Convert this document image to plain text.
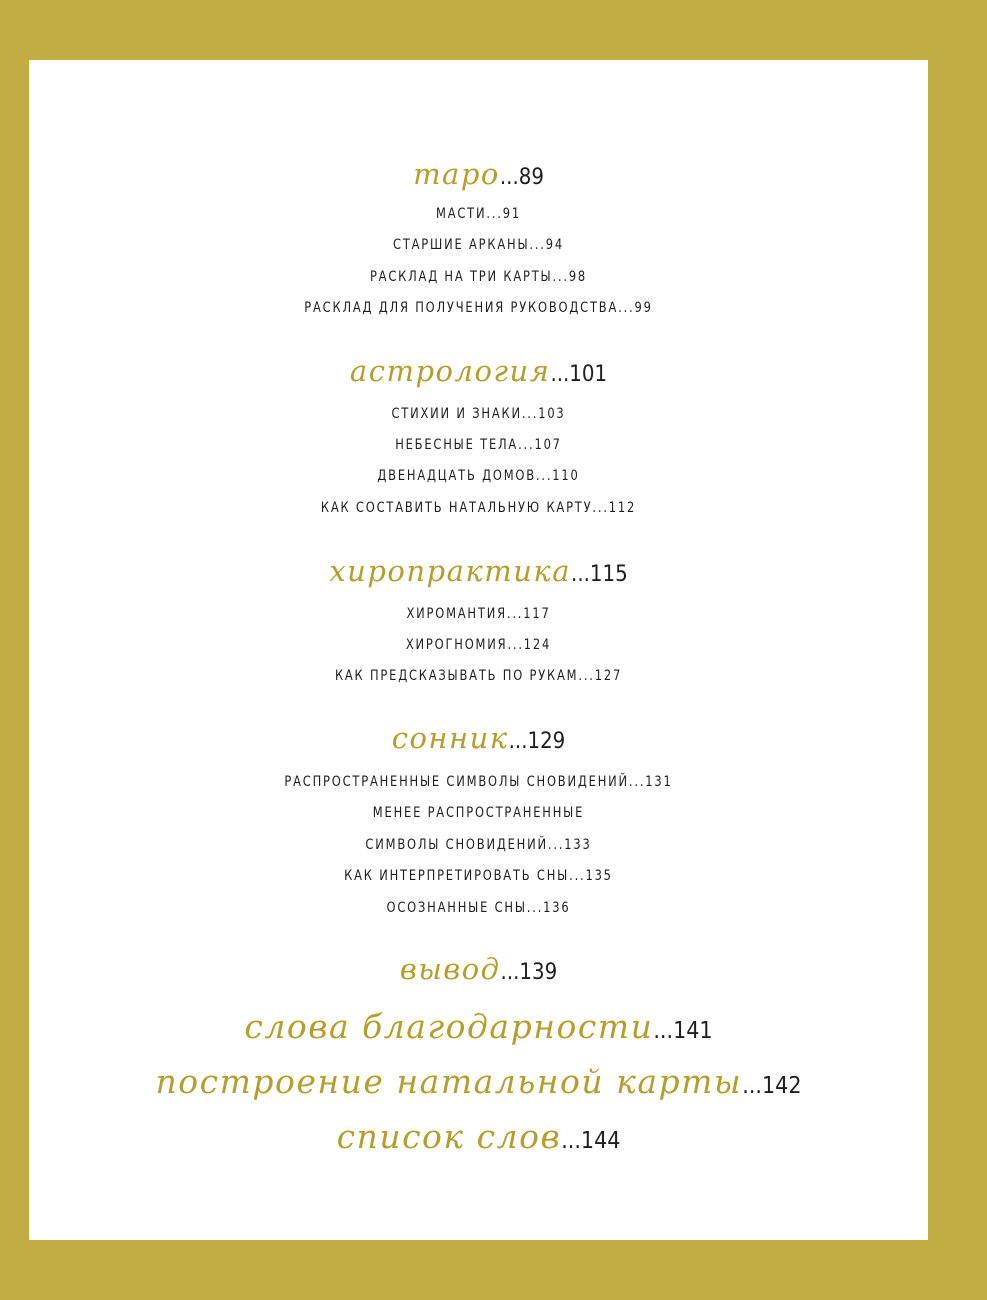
таро...89
МАСТИ...91
СТАРШИЕ АРКАНЫ...94
РАСКЛАД НА ТРИ КАРТЫ...98
РАСКЛАД ДЛЯ ПОЛУЧЕНИЯ РУКОВОДСТВА...99
астрология...101
СТИХИИ И ЗНАКИ...103
НЕБЕСНЫЕ ТЕЛА...107
ДВЕНАДЦАТЬ ДОМОВ...110
КАК СОСТАВИТЬ НАТАЛЬНУЮ КАРТУ...112
хиропрактика...115
ХИРОМАНТИЯ...117
ХИРОГНОМИЯ...124
КАК ПРЕДСКАЗЫВАТЬ ПО РУКАМ...127
сонник...129
РАСПРОСТРАНЕННЫЕ СИМВОЛЫ СНОВИДЕНИЙ...131
МЕНЕЕ РАСПРОСТРАНЕННЫЕ
СИМВОЛЫ СНОВИДЕНИЙ...133
КАК ИНТЕРПРЕТИРОВАТЬ СНЫ...135
ОСОЗНАННЫЕ СНЫ...136
вывод...139
слова благодарности...141
построение натальной карты...142
список слов...144
